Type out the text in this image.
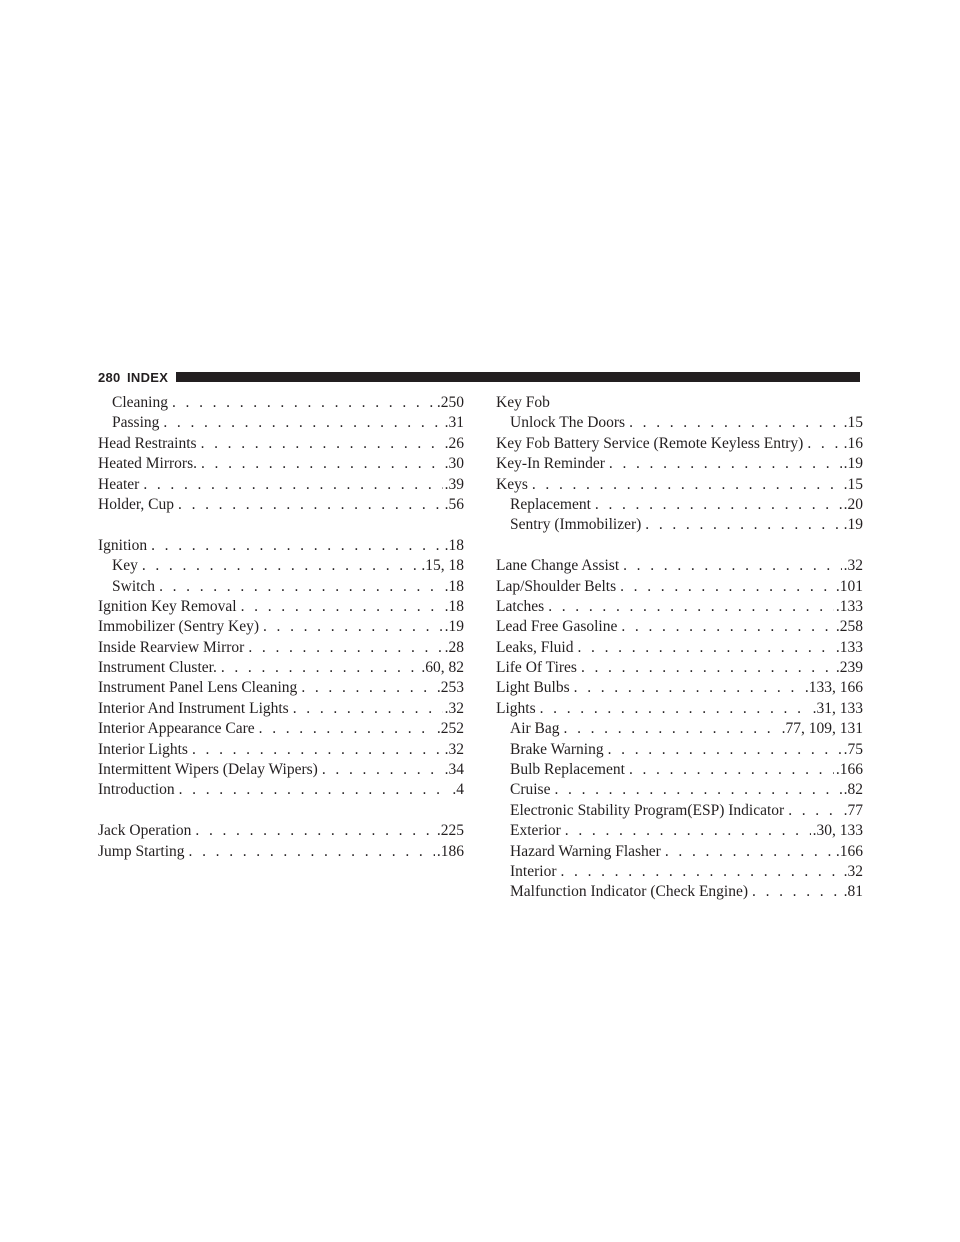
280 INDEX
Cleaning . . .	.250
Passing . . .	.31
Head Restraints . . .	.26
Heated Mirrors. . . .	.30
Heater . . .	.39
Holder, Cup . . .	.56
Ignition . . .	.18
Key . . .	.15, 18
Switch . . .	.18
Ignition Key Removal . . .	.18
Immobilizer (Sentry Key) . . .	.19
Inside Rearview Mirror . . .	.28
Instrument Cluster. . . .	.60, 82
Instrument Panel Lens Cleaning . . .	.253
Interior And Instrument Lights . . .	.32
Interior Appearance Care . . .	.252
Interior Lights . . .	.32
Intermittent Wipers (Delay Wipers) . . .	.34
Introduction . . .	.4
Jack Operation . . .	.225
Jump Starting . . .	.186
Key Fob
Unlock The Doors . . .	.15
Key Fob Battery Service (Remote Keyless Entry) . . .	.16
Key-In Reminder . . .	.19
Keys . . .	.15
Replacement . . .	.20
Sentry (Immobilizer) . . .	.19
Lane Change Assist . . .	.32
Lap/Shoulder Belts . . .	.101
Latches . . .	.133
Lead Free Gasoline . . .	.258
Leaks, Fluid . . .	.133
Life Of Tires . . .	.239
Light Bulbs . . .	.133, 166
Lights . . .	.31, 133
Air Bag . . .	.77, 109, 131
Brake Warning . . .	.75
Bulb Replacement . . .	.166
Cruise . . .	.82
Electronic Stability Program(ESP) Indicator . . .	.77
Exterior . . .	.30, 133
Hazard Warning Flasher . . .	.166
Interior . . .	.32
Malfunction Indicator (Check Engine) . . .	.81
